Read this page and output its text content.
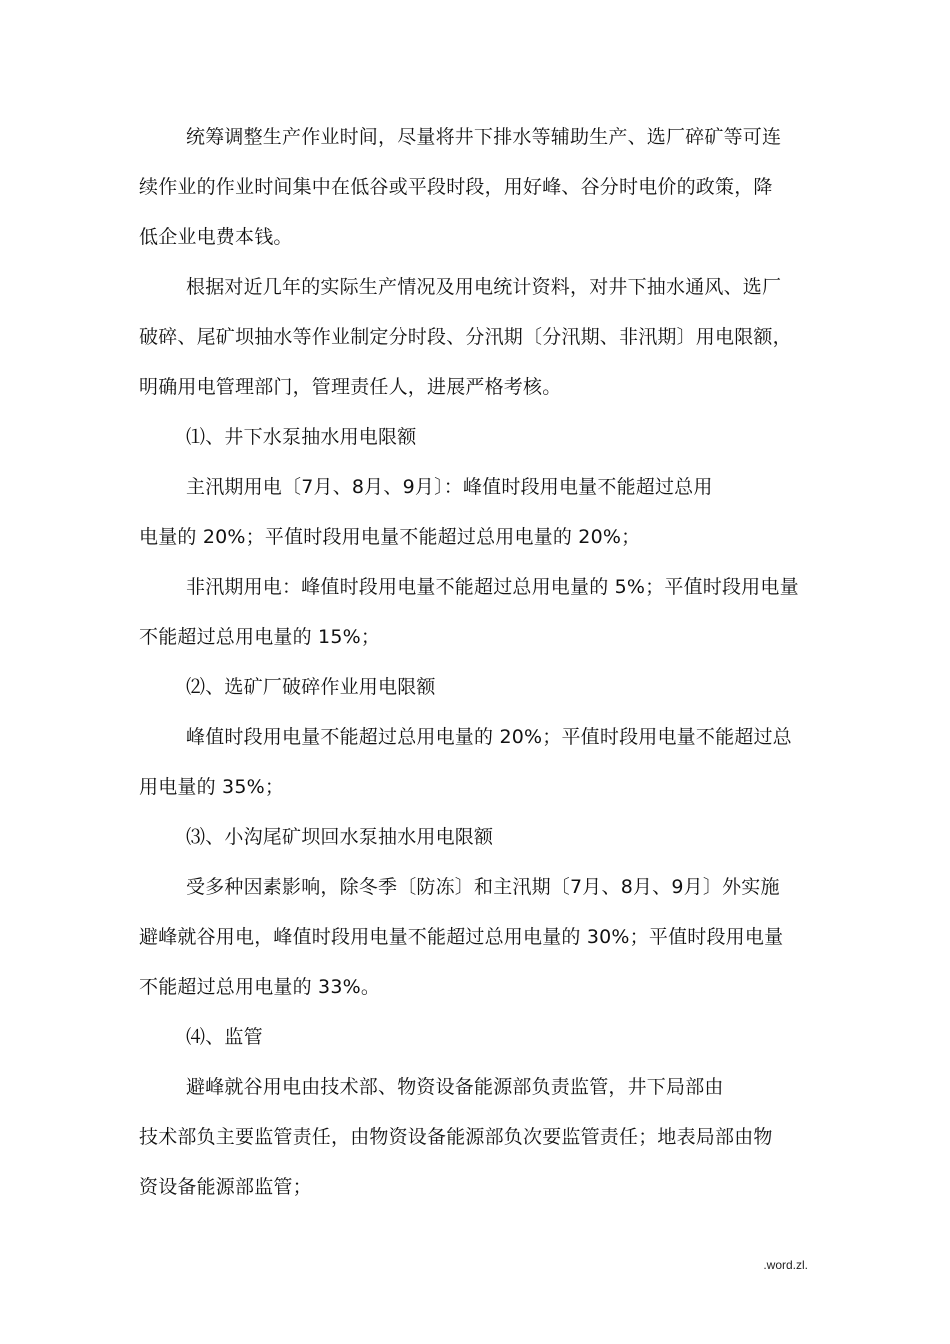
统筹调整生产作业时间，尽量将井下排水等辅助生产、选厂碎矿等可连
续作业的作业时间集中在低谷或平段时段，用好峰、谷分时电价的政策，降
低企业电费本钱。
根据对近几年的实际生产情况及用电统计资料，对井下抽水通风、选厂
破碎、尾矿坝抽水等作业制定分时段、分汛期〔分汛期、非汛期〕用电限额，
明确用电管理部门，管理责任人，进展严格考核。
⑴、井下水泵抽水用电限额
主汛期用电〔7月、8月、9月〕：峰值时段用电量不能超过总用
电量的 20%；平值时段用电量不能超过总用电量的 20%；
非汛期用电：峰值时段用电量不能超过总用电量的 5%；平值时段用电量
不能超过总用电量的 15%；
⑵、选矿厂破碎作业用电限额
峰值时段用电量不能超过总用电量的 20%；平值时段用电量不能超过总
用电量的 35%；
⑶、小沟尾矿坝回水泵抽水用电限额
受多种因素影响，除冬季〔防冻〕和主汛期〔7月、8月、9月〕外实施
避峰就谷用电，峰值时段用电量不能超过总用电量的 30%；平值时段用电量
不能超过总用电量的 33%。
⑷、监管
避峰就谷用电由技术部、物资设备能源部负责监管，井下局部由
技术部负主要监管责任，由物资设备能源部负次要监管责任；地表局部由物
资设备能源部监管；
.word.zl.
